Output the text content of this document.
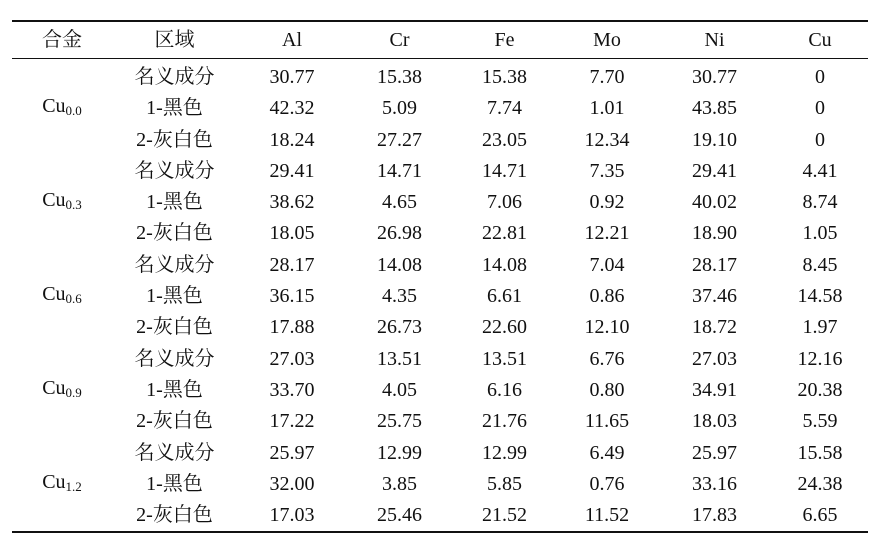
合金	区域	Al	Cr	Fe	Mo	Ni	Cu
$Cu_{0.0}$	名义成分	30.77	15.38	15.38	7.70	30.77	0
	1-黑色	42.32	5.09	7.74	1.01	43.85	0
	2-灰白色	18.24	27.27	23.05	12.34	19.10	0
$Cu_{0.3}$	名义成分	29.41	14.71	14.71	7.35	29.41	4.41
	1-黑色	38.62	4.65	7.06	0.92	40.02	8.74
	2-灰白色	18.05	26.98	22.81	12.21	18.90	1.05
$Cu_{0.6}$	名义成分	28.17	14.08	14.08	7.04	28.17	8.45
	1-黑色	36.15	4.35	6.61	0.86	37.46	14.58
	2-灰白色	17.88	26.73	22.60	12.10	18.72	1.97
$Cu_{0.9}$	名义成分	27.03	13.51	13.51	6.76	27.03	12.16
	1-黑色	33.70	4.05	6.16	0.80	34.91	20.38
	2-灰白色	17.22	25.75	21.76	11.65	18.03	5.59
$Cu_{1.2}$	名义成分	25.97	12.99	12.99	6.49	25.97	15.58
	1-黑色	32.00	3.85	5.85	0.76	33.16	24.38
	2-灰白色	17.03	25.46	21.52	11.52	17.83	6.65
